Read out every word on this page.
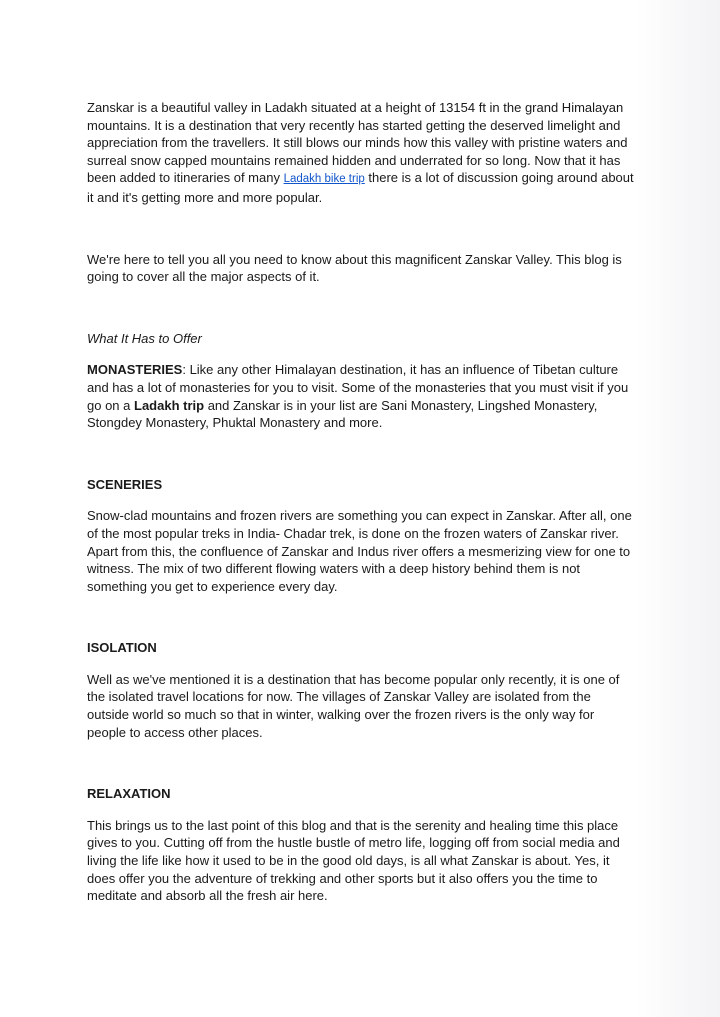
Zanskar is a beautiful valley in Ladakh situated at a height of 13154 ft in the grand Himalayan mountains. It is a destination that very recently has started getting the deserved limelight and appreciation from the travellers. It still blows our minds how this valley with pristine waters and surreal snow capped mountains remained hidden and underrated for so long. Now that it has been added to itineraries of many Ladakh bike trip there is a lot of discussion going around about it and it's getting more and more popular.

We're here to tell you all you need to know about this magnificent Zanskar Valley. This blog is going to cover all the major aspects of it.

What It Has to Offer

MONASTERIES: Like any other Himalayan destination, it has an influence of Tibetan culture and has a lot of monasteries for you to visit. Some of the monasteries that you must visit if you go on a Ladakh trip and Zanskar is in your list are Sani Monastery, Lingshed Monastery, Stongdey Monastery, Phuktal Monastery and more.

SCENERIES

Snow-clad mountains and frozen rivers are something you can expect in Zanskar. After all, one of the most popular treks in India- Chadar trek, is done on the frozen waters of Zanskar river. Apart from this, the confluence of Zanskar and Indus river offers a mesmerizing view for one to witness. The mix of two different flowing waters with a deep history behind them is not something you get to experience every day.

ISOLATION

Well as we've mentioned it is a destination that has become popular only recently, it is one of the isolated travel locations for now. The villages of Zanskar Valley are isolated from the outside world so much so that in winter, walking over the frozen rivers is the only way for people to access other places.

RELAXATION

This brings us to the last point of this blog and that is the serenity and healing time this place gives to you. Cutting off from the hustle bustle of metro life, logging off from social media and living the life like how it used to be in the good old days, is all what Zanskar is about. Yes, it does offer you the adventure of trekking and other sports but it also offers you the time to meditate and absorb all the fresh air here.
